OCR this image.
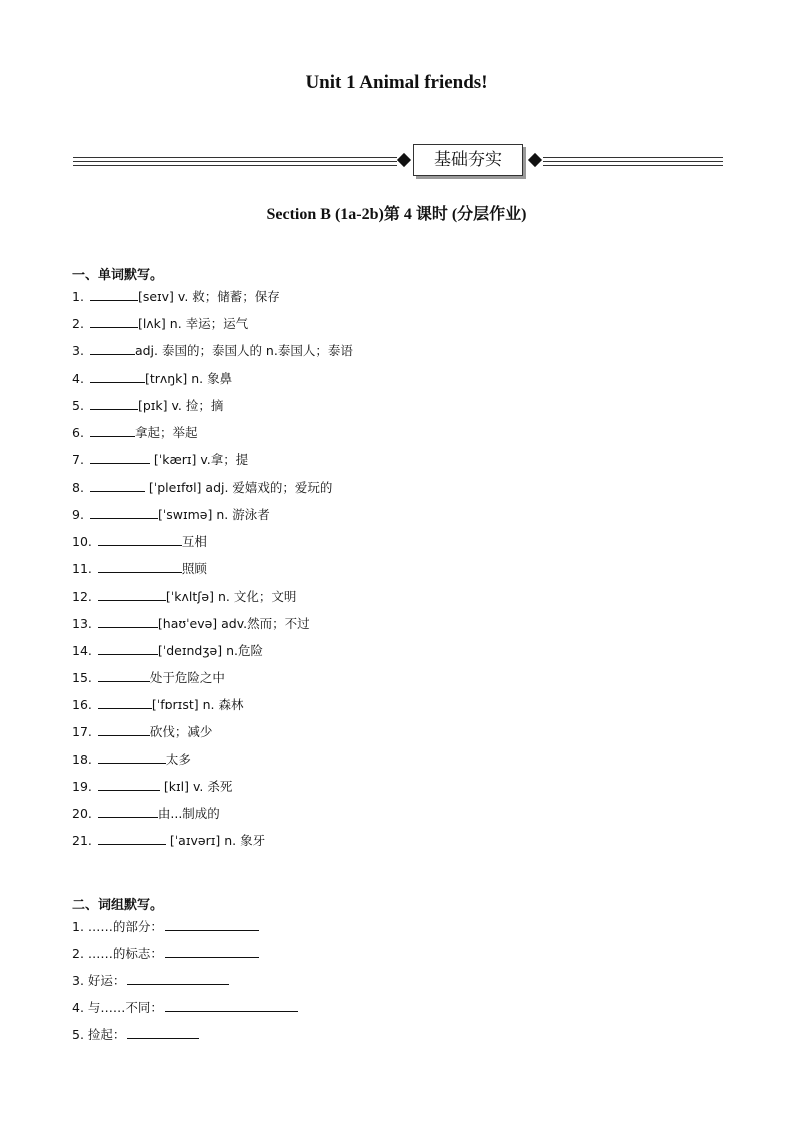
Unit 1 Animal friends!
基础夯实
Section B (1a-2b)第 4 课时 (分层作业)
一、单词默写。
1.	[seɪv] v. 救；储蓄；保存
2.	[lʌk] n. 幸运；运气
3.	adj. 泰国的；泰国人的 n.泰国人；泰语
4.	[trʌŋk] n. 象鼻
5.	[pɪk] v. 捡；摘
6.	拿起；举起
7.	[ˈkærɪ] v.拿；提
8.	[ˈpleɪfʊl] adj. 爱嬉戏的；爱玩的
9.	[ˈswɪmə] n. 游泳者
10.	互相
11.	照顾
12.	[ˈkʌltʃə] n. 文化；文明
13.	[haʊˈevə] adv.然而；不过
14.	[ˈdeɪndʒə] n.危险
15.	处于危险之中
16.	[ˈfɒrɪst] n. 森林
17.	砍伐；减少
18.	太多
19.	[kɪl] v. 杀死
20.	由...制成的
21.	[ˈaɪvərɪ] n. 象牙
二、词组默写。
1. ……的部分：
2. ……的标志：
3. 好运：
4. 与……不同：
5. 捡起：
